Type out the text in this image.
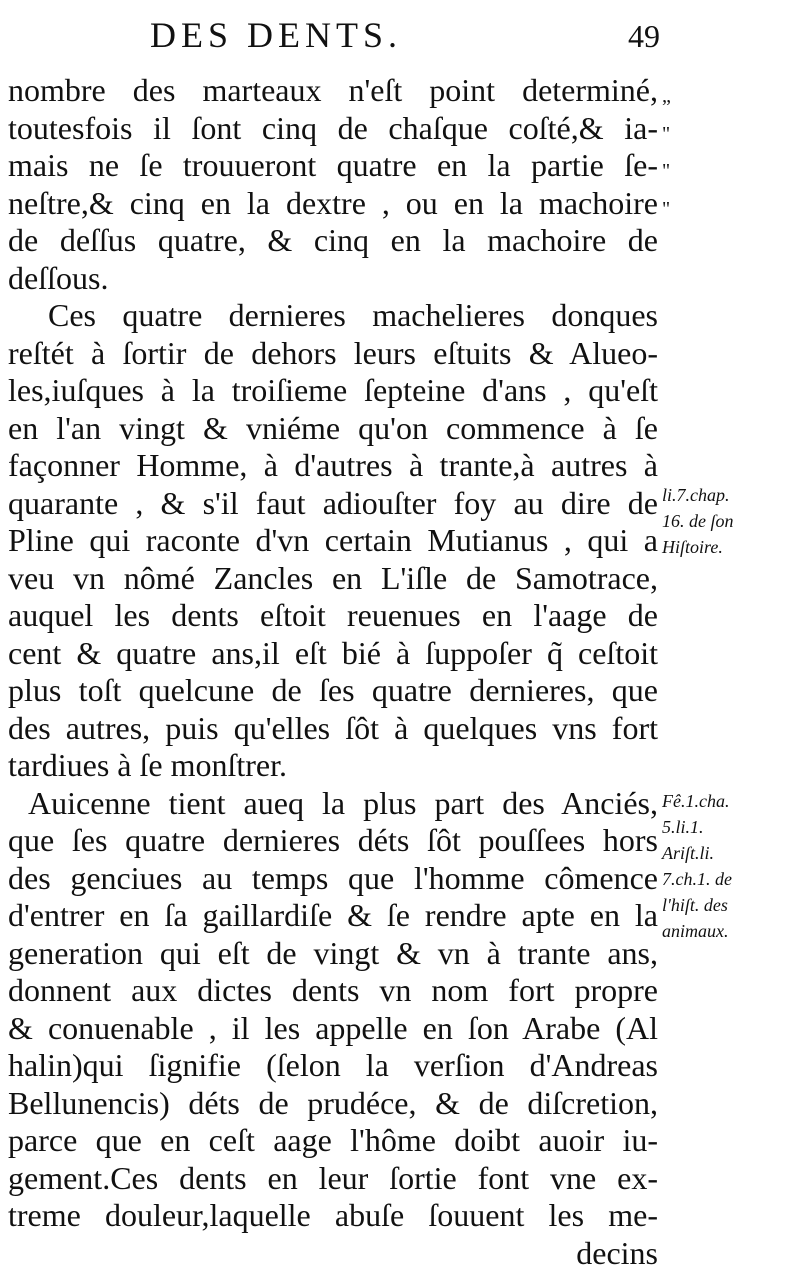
DES DENTS.	49
„
"
"
"
nombre des marteaux n'eſt point determiné,
toutesfois il ſont cinq de chaſque coſté,& ia-
mais ne ſe trouueront quatre en la partie ſe-
neſtre,& cinq en la dextre , ou en la machoire
de deſſus quatre, & cinq en la machoire de
deſſous.
Ces quatre dernieres machelieres donques
reſtét à ſortir de dehors leurs eſtuits & Alueo-
les,iuſques à la troiſieme ſepteine d'ans , qu'eſt
en l'an vingt & vniéme qu'on commence à ſe
façonner Homme, à d'autres à trante,à autres à
quarante , & s'il faut adiouſter foy au dire de
Pline qui raconte d'vn certain Mutianus , qui a
veu vn nômé Zancles en L'iſle de Samotrace,
auquel les dents eſtoit reuenues en l'aage de
cent & quatre ans,il eſt bié à ſuppoſer q̃ ceſtoit
plus toſt quelcune de ſes quatre dernieres, que
des autres, puis qu'elles ſôt à quelques vns fort
tardiues à ſe monſtrer.
Auicenne tient aueq la plus part des Anciés,
que ſes quatre dernieres déts ſôt pouſſees hors
des genciues au temps que l'homme cômence
d'entrer en ſa gaillardiſe & ſe rendre apte en la
generation qui eſt de vingt & vn à trante ans,
donnent aux dictes dents vn nom fort propre
& conuenable , il les appelle en ſon Arabe (Al
halin)qui ſignifie (ſelon la verſion d'Andreas
Bellunencis) déts de prudéce, & de diſcretion,
parce que en ceſt aage l'hôme doibt auoir iu-
gement.Ces dents en leur ſortie font vne ex-
treme douleur,laquelle abuſe ſouuent les me-
decins
li.7.chap.
16. de ſon
Hiſtoire.
Fê.1.cha.
5.li.1.
Ariſt.li.
7.ch.1. de
l'hiſt. des
animaux.
